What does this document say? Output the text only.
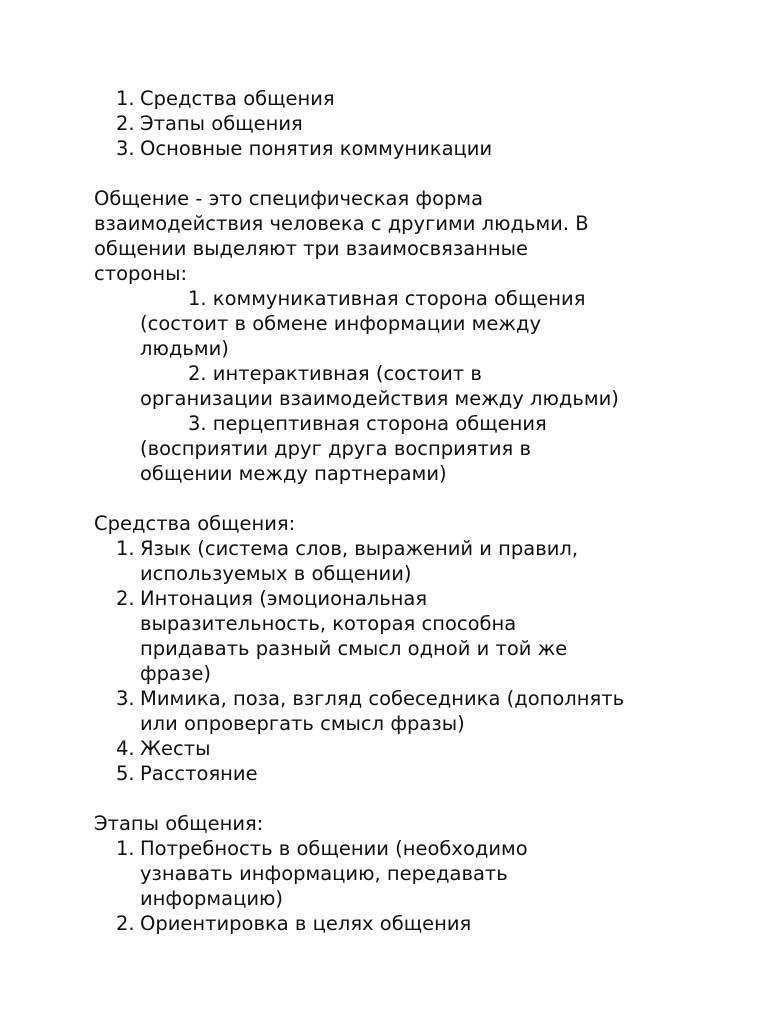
1. Средства общения
2. Этапы общения
3. Основные понятия коммуникации
Общение - это специфическая форма
взаимодействия человека с другими людьми. В
общении выделяют три взаимосвязанные
стороны:
1. коммуникативная сторона общения
(состоит в обмене информации между
людьми)
2. интерактивная (состоит в
организации взаимодействия между людьми)
3. перцептивная сторона общения
(восприятии друг друга восприятия в
общении между партнерами)
Средства общения:
1. Язык (система слов, выражений и правил,
используемых в общении)
2. Интонация (эмоциональная
выразительность, которая способна
придавать разный смысл одной и той же
фразе)
3. Мимика, поза, взгляд собеседника (дополнять
или опровергать смысл фразы)
4. Жесты
5. Расстояние
Этапы общения:
1. Потребность в общении (необходимо
узнавать информацию, передавать
информацию)
2. Ориентировка в целях общения
